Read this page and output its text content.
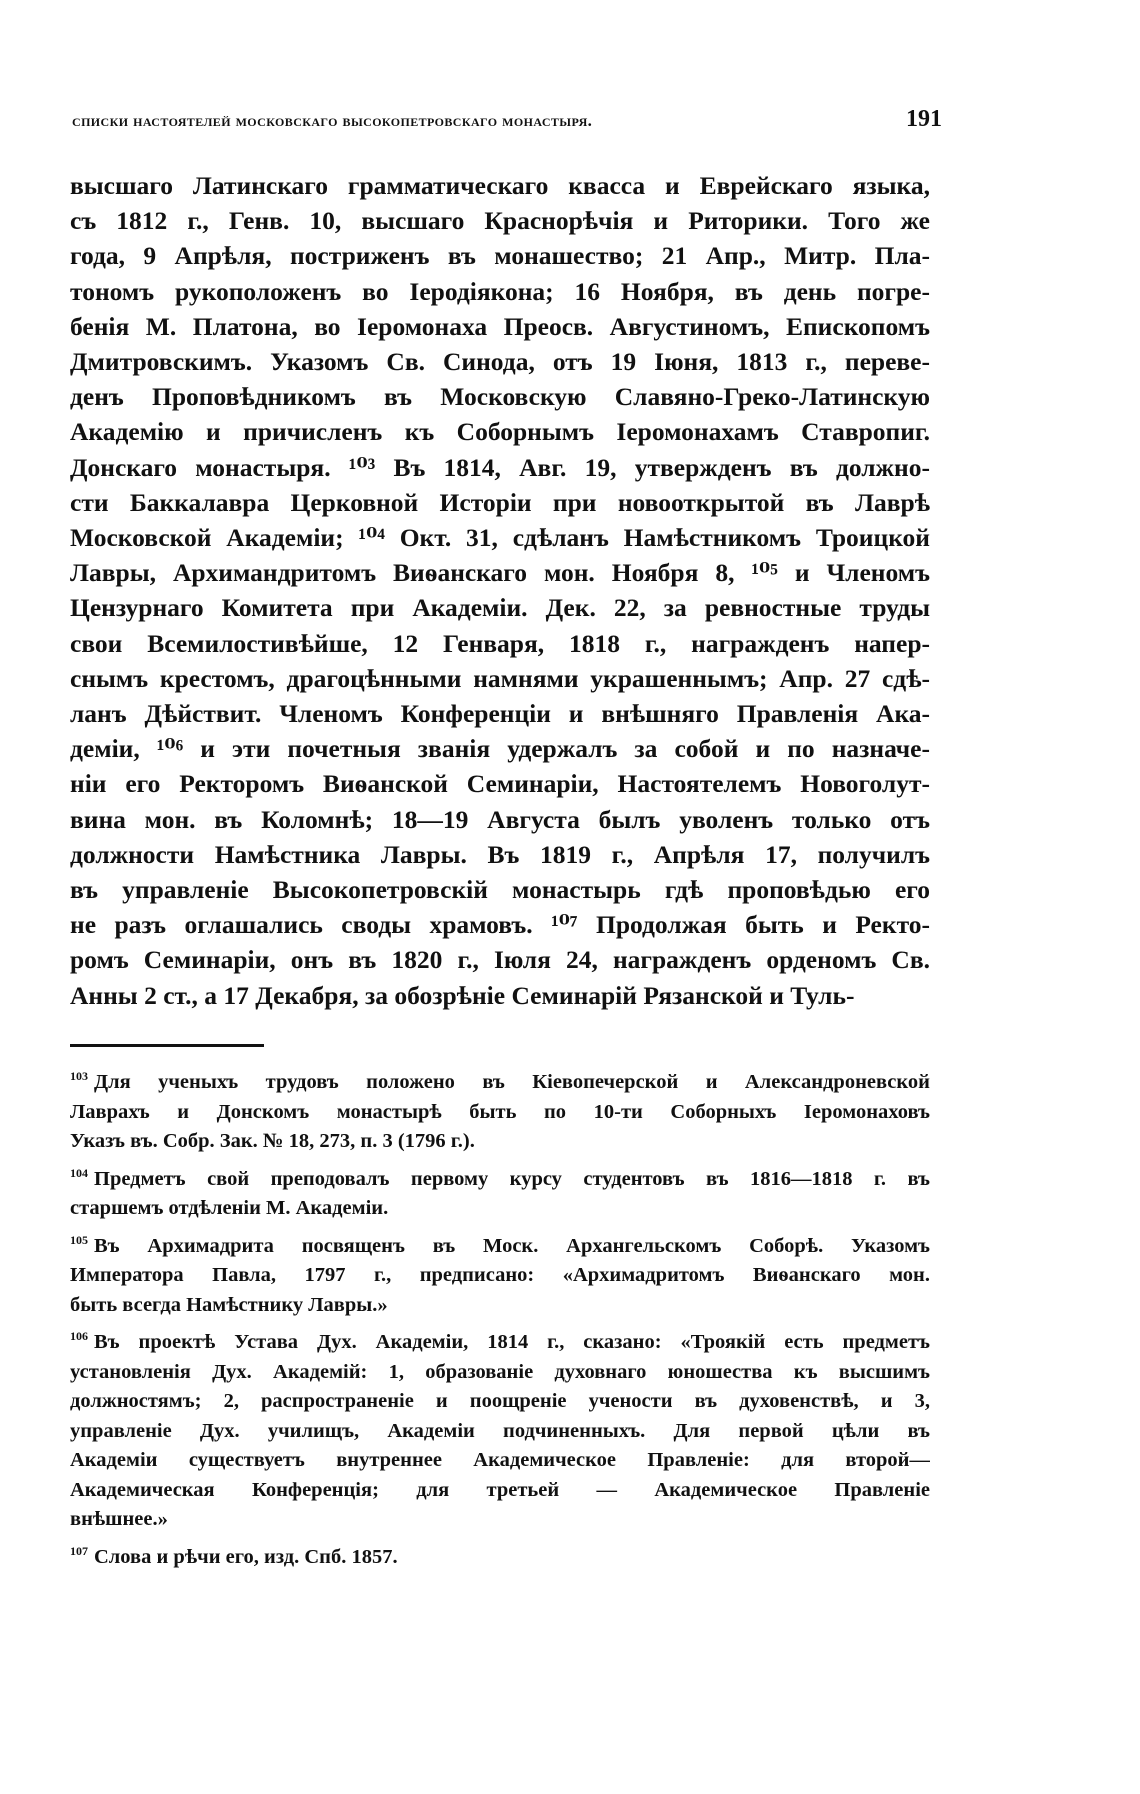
списки настоятелей московскаго высокопетровскаго монастыря.	191
высшаго Латинскаго грамматическаго квасса и Еврейскаго языка,
съ 1812 г., Генв. 10, высшаго Краснорѣчія и Риторики. Того же
года, 9 Апрѣля, постриженъ въ монашество; 21 Апр., Митр. Пла-
тономъ рукоположенъ во Іеродіякона; 16 Ноября, въ день погре-
бенія М. Платона, во Іеромонаха Преосв. Августиномъ, Епископомъ
Дмитровскимъ. Указомъ Св. Синода, отъ 19 Іюня, 1813 г., переве-
денъ Проповѣдникомъ въ Московскую Славяно-Греко-Латинскую
Академію и причисленъ къ Соборнымъ Іеромонахамъ Ставропиг.
Донскаго монастыря. ¹⁰³ Въ 1814, Авг. 19, утвержденъ въ должно-
сти Баккалавра Церковной Исторіи при новооткрытой въ Лаврѣ
Московской Академіи; ¹⁰⁴ Окт. 31, сдѣланъ Намѣстникомъ Троицкой
Лавры, Архимандритомъ Виѳанскаго мон. Ноября 8, ¹⁰⁵ и Членомъ
Цензурнаго Комитета при Академіи. Дек. 22, за ревностные труды
свои Всемилостивѣйше, 12 Генваря, 1818 г., награжденъ напер-
снымъ крестомъ, драгоцѣнными намнями украшеннымъ; Апр. 27 сдѣ-
ланъ Дѣйствит. Членомъ Конференціи и внѣшняго Правленія Ака-
деміи, ¹⁰⁶ и эти почетныя званія удержалъ за собой и по назначе-
ніи его Ректоромъ Виѳанской Семинаріи, Настоятелемъ Новоголут-
вина мон. въ Коломнѣ; 18—19 Августа былъ уволенъ только отъ
должности Намѣстника Лавры. Въ 1819 г., Апрѣля 17, получилъ
въ управленіе Высокопетровскій монастырь гдѣ проповѣдью его
не разъ оглашались своды храмовъ. ¹⁰⁷ Продолжая быть и Ректо-
ромъ Семинаріи, онъ въ 1820 г., Іюля 24, награжденъ орденомъ Св.
Анны 2 ст., а 17 Декабря, за обозрѣніе Семинарій Рязанской и Туль-
$^{103}$ Для ученыхъ трудовъ положено въ Кіевопечерской и Александроневской
Лаврахъ и Донскомъ монастырѣ быть по 10-ти Соборныхъ Іеромонаховъ
Указъ въ. Собр. Зак. № 18, 273, п. 3 (1796 г.).
$^{104}$ Предметъ свой преподовалъ первому курсу студентовъ въ 1816—1818 г. въ
старшемъ отдѣленіи М. Академіи.
$^{105}$ Въ Архимадрита посвященъ въ Моск. Архангельскомъ Соборѣ. Указомъ
Императора Павла, 1797 г., предписано: «Архимадритомъ Виѳанскаго мон.
быть всегда Намѣстнику Лавры.»
$^{106}$ Въ проектѣ Устава Дух. Академіи, 1814 г., сказано: «Троякій есть предметъ
установленія Дух. Академій: 1, образованіе духовнаго юношества къ высшимъ
должностямъ; 2, распространеніе и поощреніе учености въ духовенствѣ, и 3,
управленіе Дух. училищъ, Академіи подчиненныхъ. Для первой цѣли въ
Академіи существуетъ внутреннее Академическое Правленіе: для второй—
Академическая Конференція; для третьей — Академическое Правленіе
внѣшнее.»
$^{107}$ Слова и рѣчи его, изд. Спб. 1857.
